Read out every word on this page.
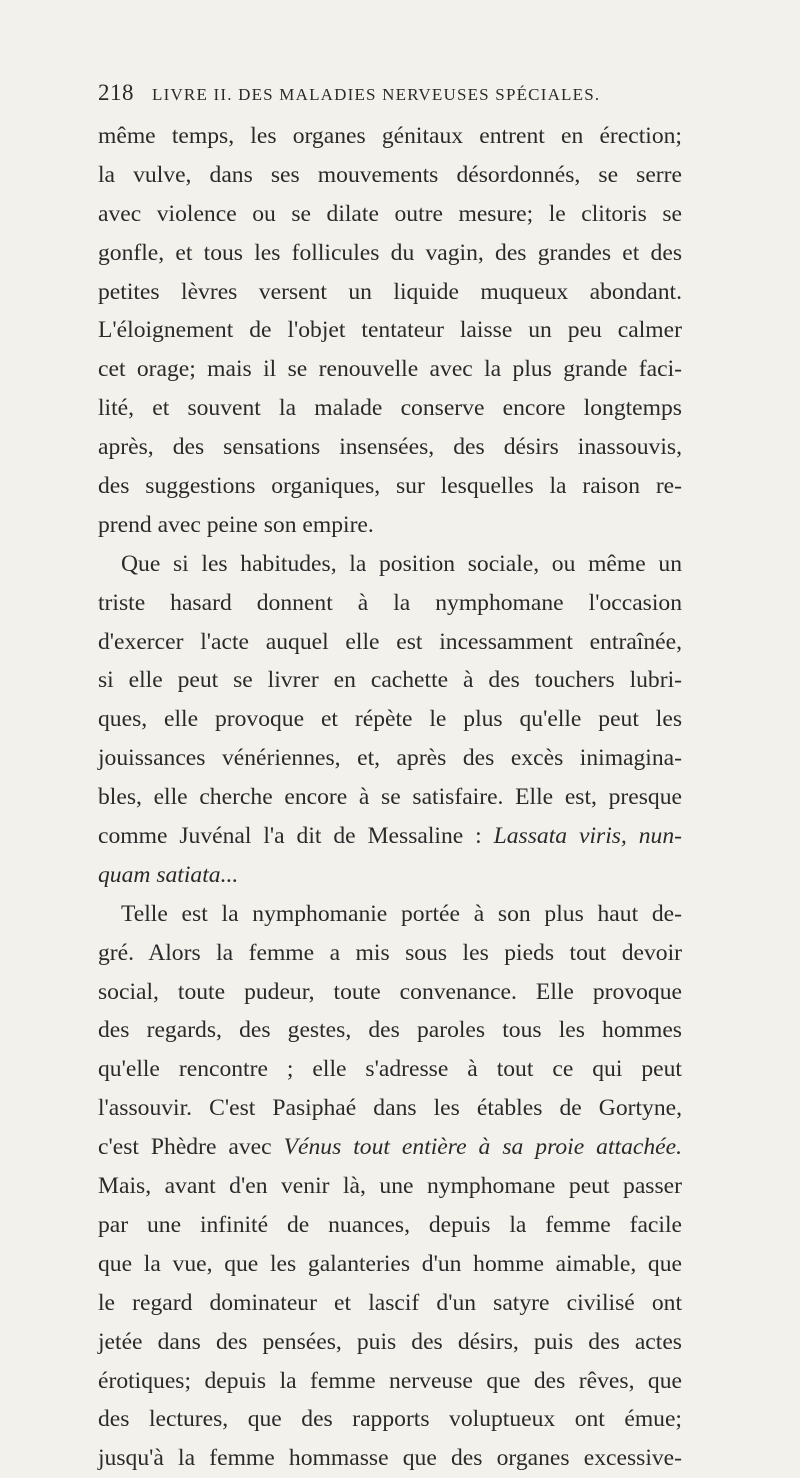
218 LIVRE II. DES MALADIES NERVEUSES SPÉCIALES.
même temps, les organes génitaux entrent en érection;
la vulve, dans ses mouvements désordonnés, se serre
avec violence ou se dilate outre mesure; le clitoris se
gonfle, et tous les follicules du vagin, des grandes et des
petites lèvres versent un liquide muqueux abondant.
L'éloignement de l'objet tentateur laisse un peu calmer
cet orage; mais il se renouvelle avec la plus grande faci-
lité, et souvent la malade conserve encore longtemps
après, des sensations insensées, des désirs inassouvis,
des suggestions organiques, sur lesquelles la raison re-
prend avec peine son empire.
Que si les habitudes, la position sociale, ou même un
triste hasard donnent à la nymphomane l'occasion
d'exercer l'acte auquel elle est incessamment entraînée,
si elle peut se livrer en cachette à des touchers lubri-
ques, elle provoque et répète le plus qu'elle peut les
jouissances vénériennes, et, après des excès inimagina-
bles, elle cherche encore à se satisfaire. Elle est, presque
comme Juvénal l'a dit de Messaline : Lassata viris, nun-
quam satiata...
Telle est la nymphomanie portée à son plus haut de-
gré. Alors la femme a mis sous les pieds tout devoir
social, toute pudeur, toute convenance. Elle provoque
des regards, des gestes, des paroles tous les hommes
qu'elle rencontre ; elle s'adresse à tout ce qui peut
l'assouvir. C'est Pasiphaé dans les étables de Gortyne,
c'est Phèdre avec Vénus tout entière à sa proie attachée.
Mais, avant d'en venir là, une nymphomane peut passer
par une infinité de nuances, depuis la femme facile
que la vue, que les galanteries d'un homme aimable, que
le regard dominateur et lascif d'un satyre civilisé ont
jetée dans des pensées, puis des désirs, puis des actes
érotiques; depuis la femme nerveuse que des rêves, que
des lectures, que des rapports voluptueux ont émue;
jusqu'à la femme hommasse que des organes excessive-
